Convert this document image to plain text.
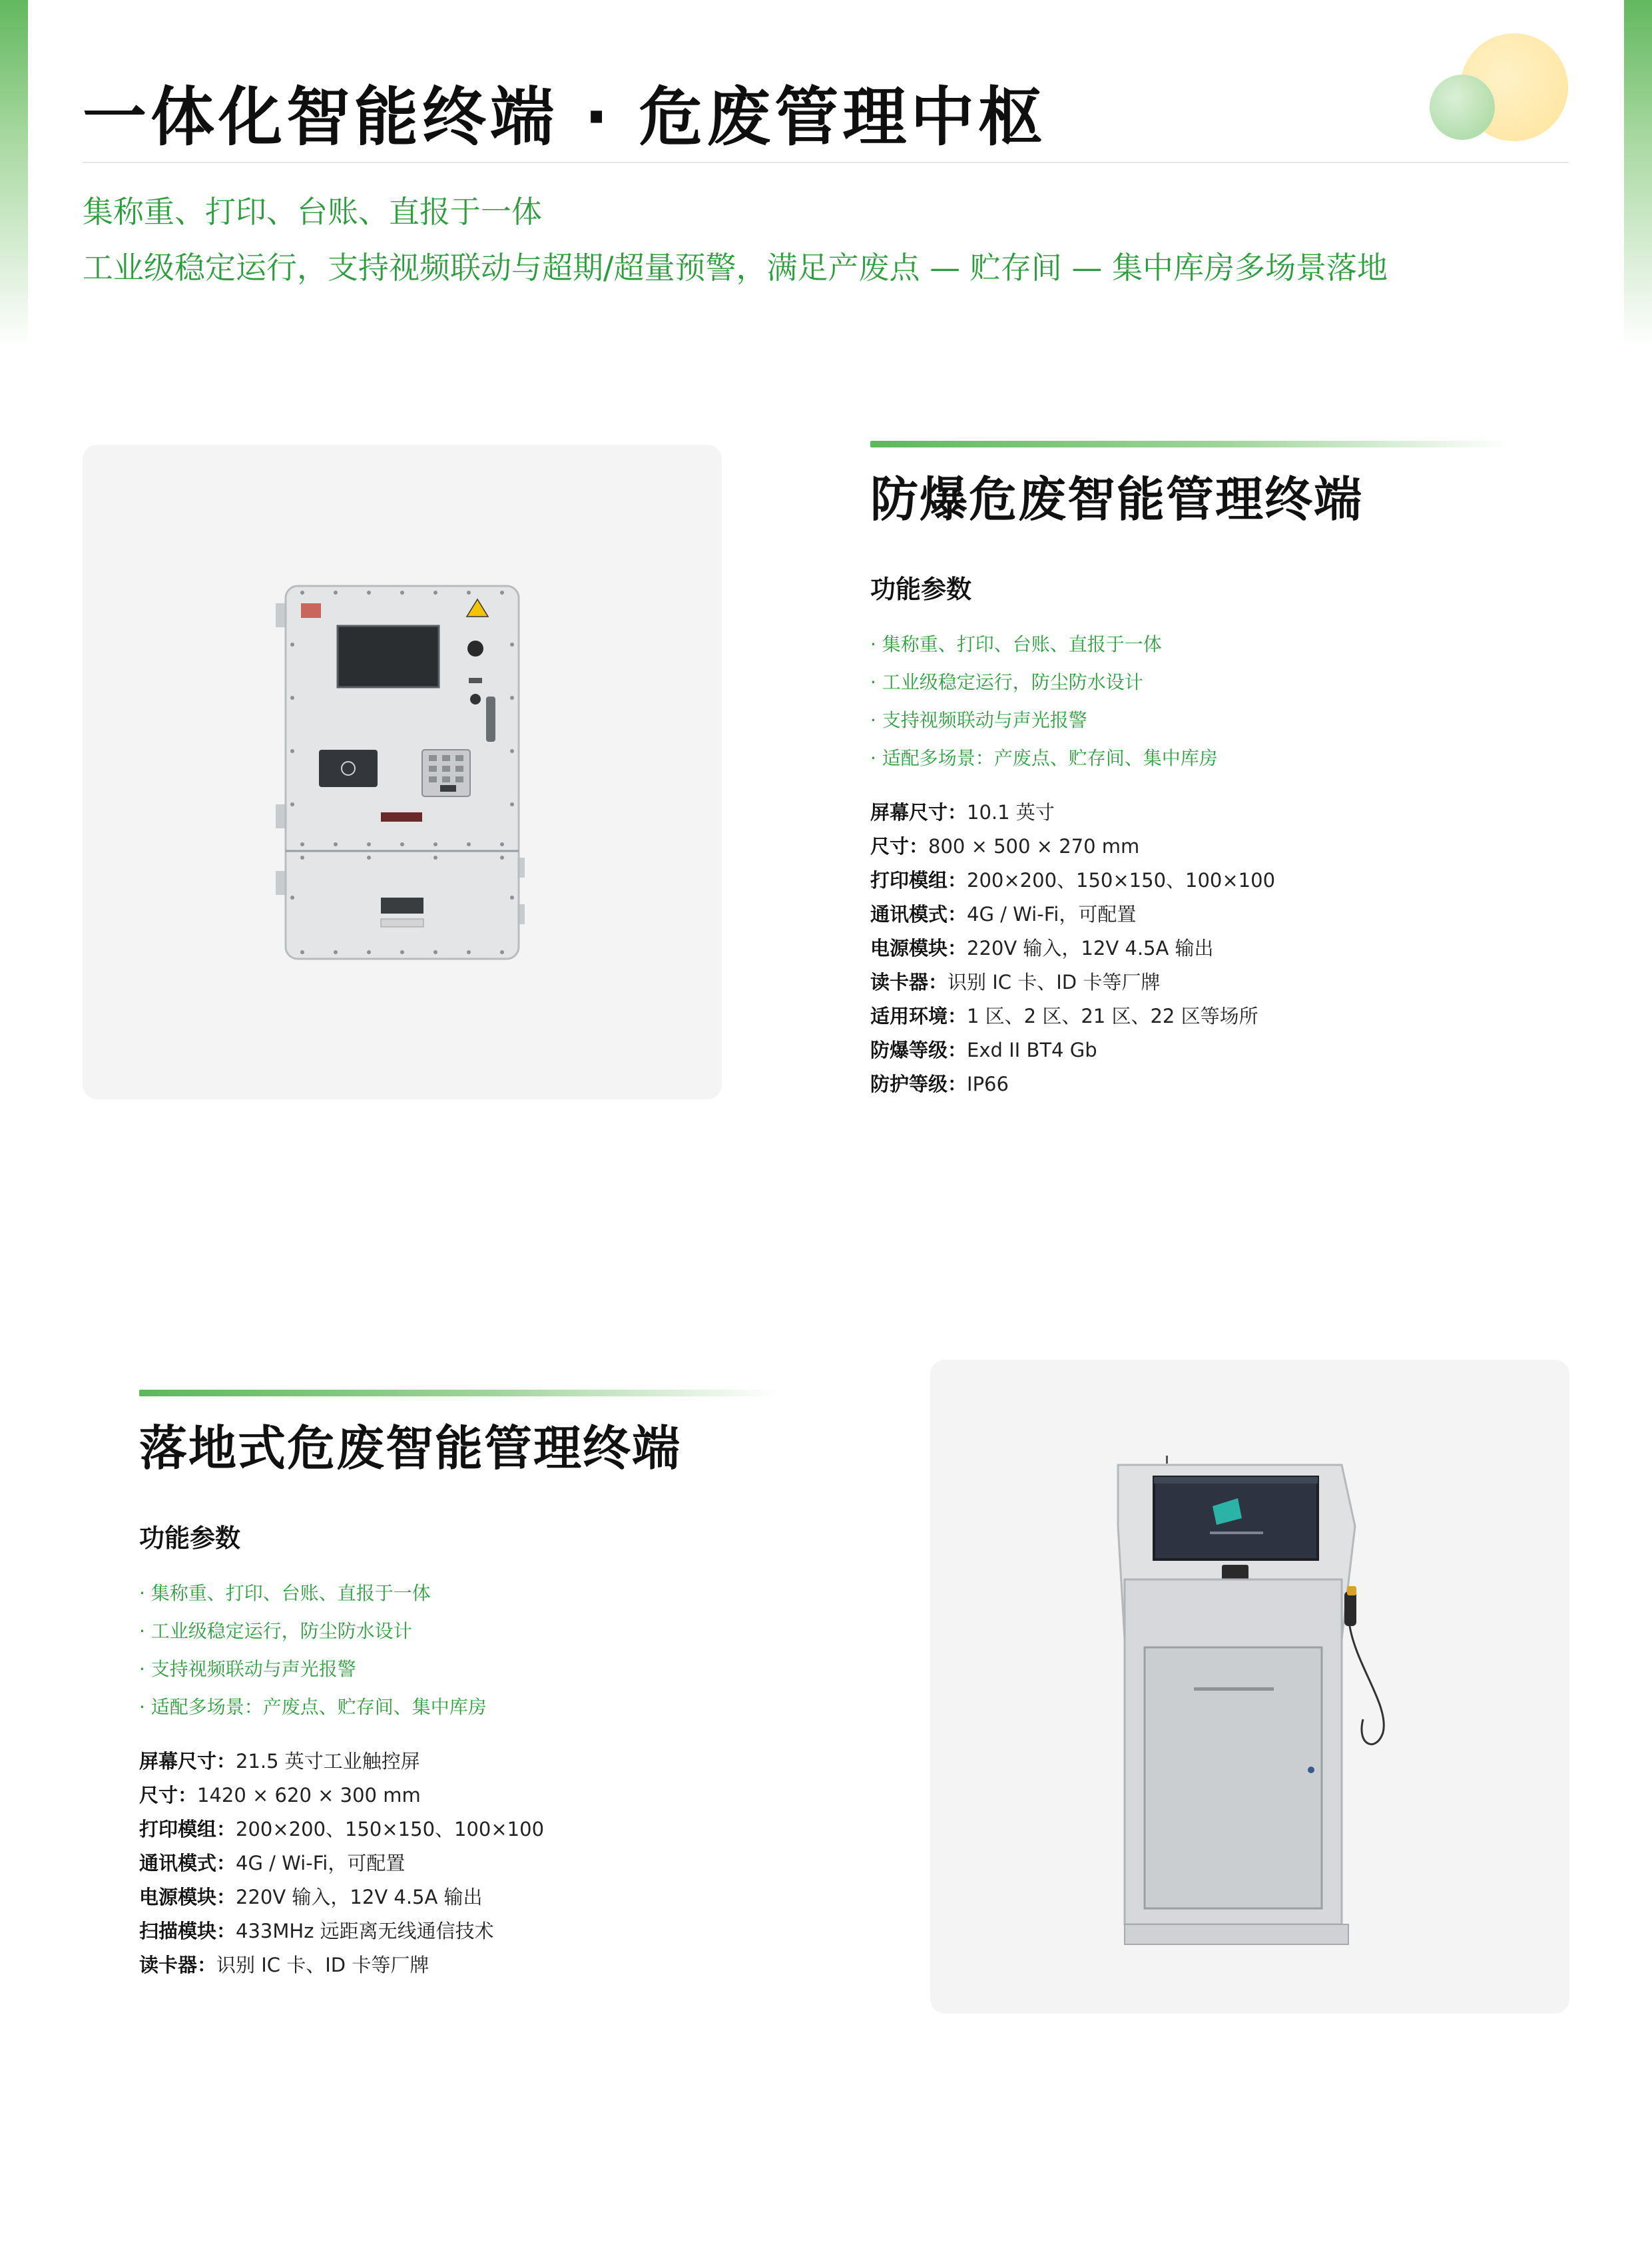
一体化智能终端 · 危废管理中枢
集称重、打印、台账、直报于一体
工业级稳定运行，支持视频联动与超期/超量预警，满足产废点 — 贮存间 — 集中库房多场景落地
防爆危废智能管理终端
功能参数
· 集称重、打印、台账、直报于一体
· 工业级稳定运行，防尘防水设计
· 支持视频联动与声光报警
· 适配多场景：产废点、贮存间、集中库房
屏幕尺寸：10.1 英寸
尺寸：800 × 500 × 270 mm
打印模组：200×200、150×150、100×100
通讯模式：4G / Wi-Fi，可配置
电源模块：220V 输入，12V 4.5A 输出
读卡器：识别 IC 卡、ID 卡等厂牌
适用环境：1 区、2 区、21 区、22 区等场所
防爆等级：Exd II BT4 Gb
防护等级：IP66
落地式危废智能管理终端
功能参数
· 集称重、打印、台账、直报于一体
· 工业级稳定运行，防尘防水设计
· 支持视频联动与声光报警
· 适配多场景：产废点、贮存间、集中库房
屏幕尺寸：21.5 英寸工业触控屏
尺寸：1420 × 620 × 300 mm
打印模组：200×200、150×150、100×100
通讯模式：4G / Wi-Fi，可配置
电源模块：220V 输入，12V 4.5A 输出
扫描模块：433MHz 远距离无线通信技术
读卡器：识别 IC 卡、ID 卡等厂牌
